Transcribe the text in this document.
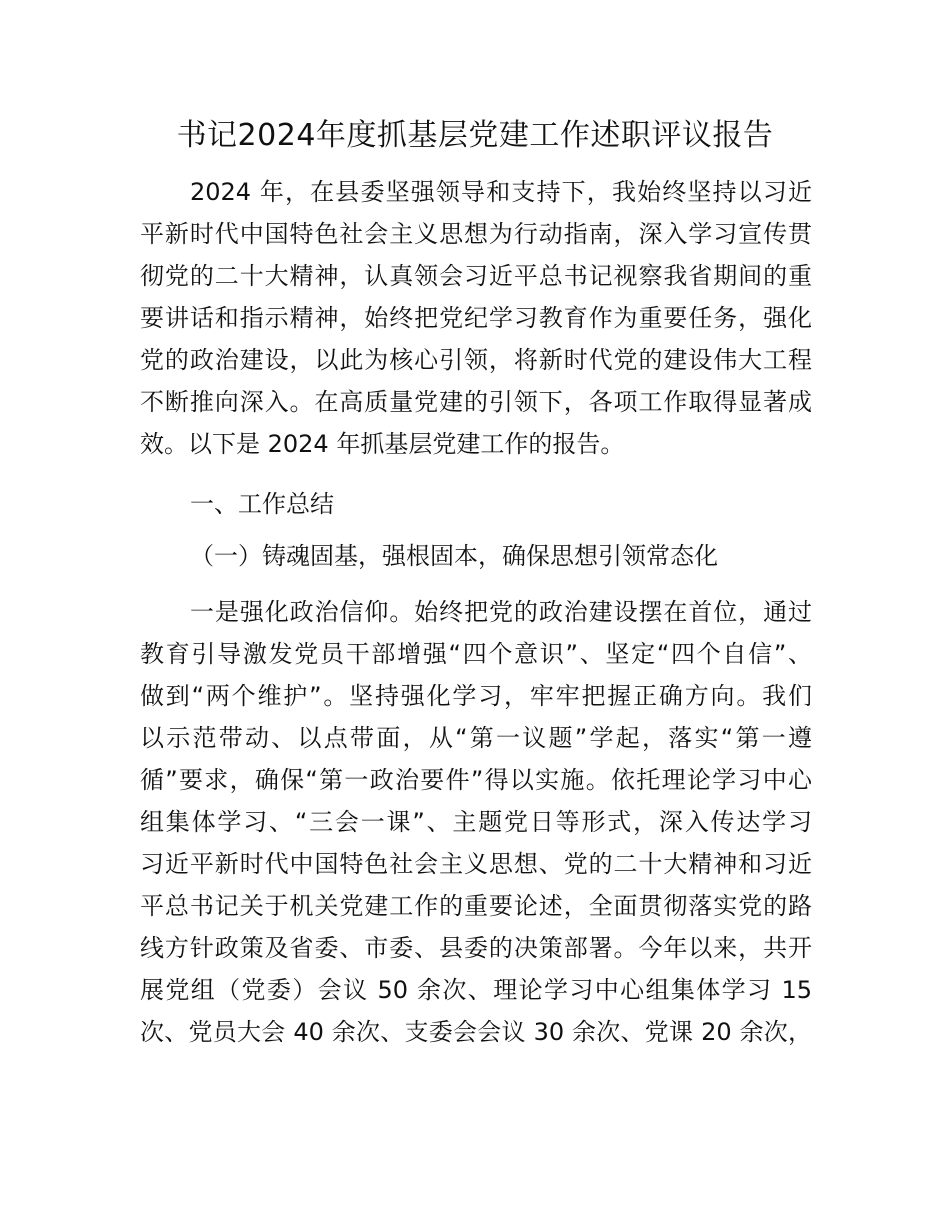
书记2024年度抓基层党建工作述职评议报告

2024 年，在县委坚强领导和支持下，我始终坚持以习近

平新时代中国特色社会主义思想为行动指南，深入学习宣传贯

彻党的二十大精神，认真领会习近平总书记视察我省期间的重

要讲话和指示精神，始终把党纪学习教育作为重要任务，强化

党的政治建设，以此为核心引领，将新时代党的建设伟大工程

不断推向深入。在高质量党建的引领下，各项工作取得显著成

效。以下是 2024 年抓基层党建工作的报告。

一、工作总结

（一）铸魂固基，强根固本，确保思想引领常态化

一是强化政治信仰。始终把党的政治建设摆在首位，通过

教育引导激发党员干部增强“四个意识”、坚定“四个自信”、

做到“两个维护”。坚持强化学习，牢牢把握正确方向。我们

以示范带动、以点带面，从“第一议题”学起，落实“第一遵

循”要求，确保“第一政治要件”得以实施。依托理论学习中心

组集体学习、“三会一课”、主题党日等形式，深入传达学习

习近平新时代中国特色社会主义思想、党的二十大精神和习近

平总书记关于机关党建工作的重要论述，全面贯彻落实党的路

线方针政策及省委、市委、县委的决策部署。今年以来，共开

展党组（党委）会议 50 余次、理论学习中心组集体学习 15

次、党员大会 40 余次、支委会会议 30 余次、党课 20 余次，
